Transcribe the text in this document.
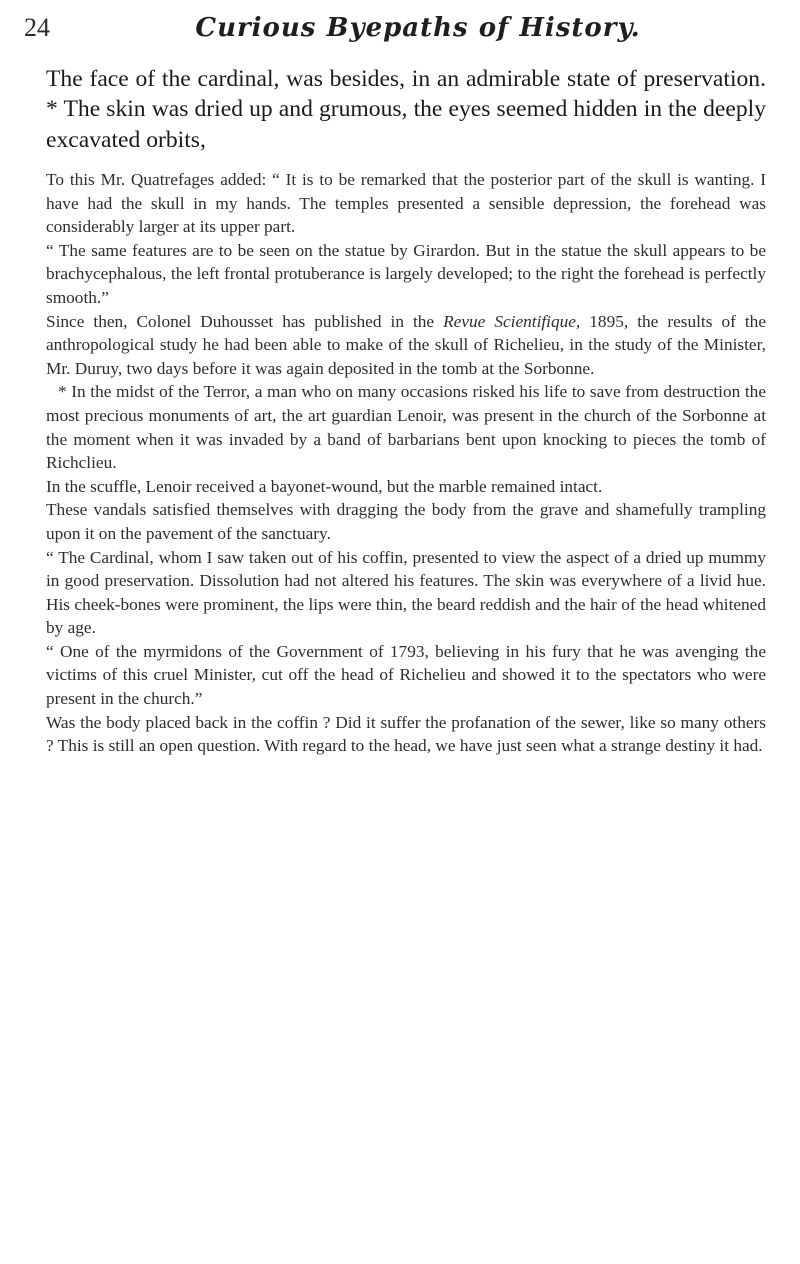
24	Curious Byepaths of History.

The face of the cardinal, was besides, in an admirable state of preservation. * The skin was dried up and grumous, the eyes seemed hidden in the deeply excavated orbits,

To this Mr. Quatrefages added: “ It is to be remarked that the posterior part of the skull is wanting. I have had the skull in my hands. The temples presented a sensible depression, the forehead was considerably larger at its upper part.

“ The same features are to be seen on the statue by Girardon. But in the statue the skull appears to be brachycephalous, the left frontal protuberance is largely developed; to the right the forehead is perfectly smooth.”

Since then, Colonel Duhousset has published in the Revue Scientifique, 1895, the results of the anthropological study he had been able to make of the skull of Richelieu, in the study of the Minister, Mr. Duruy, two days before it was again deposited in the tomb at the Sorbonne.

* In the midst of the Terror, a man who on many occasions risked his life to save from destruction the most precious monuments of art, the art guardian Lenoir, was present in the church of the Sorbonne at the moment when it was invaded by a band of barbarians bent upon knocking to pieces the tomb of Richclieu.

In the scuffle, Lenoir received a bayonet-wound, but the marble remained intact.

These vandals satisfied themselves with dragging the body from the grave and shamefully trampling upon it on the pavement of the sanctuary.

“ The Cardinal, whom I saw taken out of his coffin, presented to view the aspect of a dried up mummy in good preservation. Dissolution had not altered his features. The skin was everywhere of a livid hue. His cheek-bones were prominent, the lips were thin, the beard reddish and the hair of the head whitened by age.

“ One of the myrmidons of the Government of 1793, believing in his fury that he was avenging the victims of this cruel Minister, cut off the head of Richelieu and showed it to the spectators who were present in the church.”

Was the body placed back in the coffin ? Did it suffer the profanation of the sewer, like so many others ? This is still an open question. With regard to the head, we have just seen what a strange destiny it had.
